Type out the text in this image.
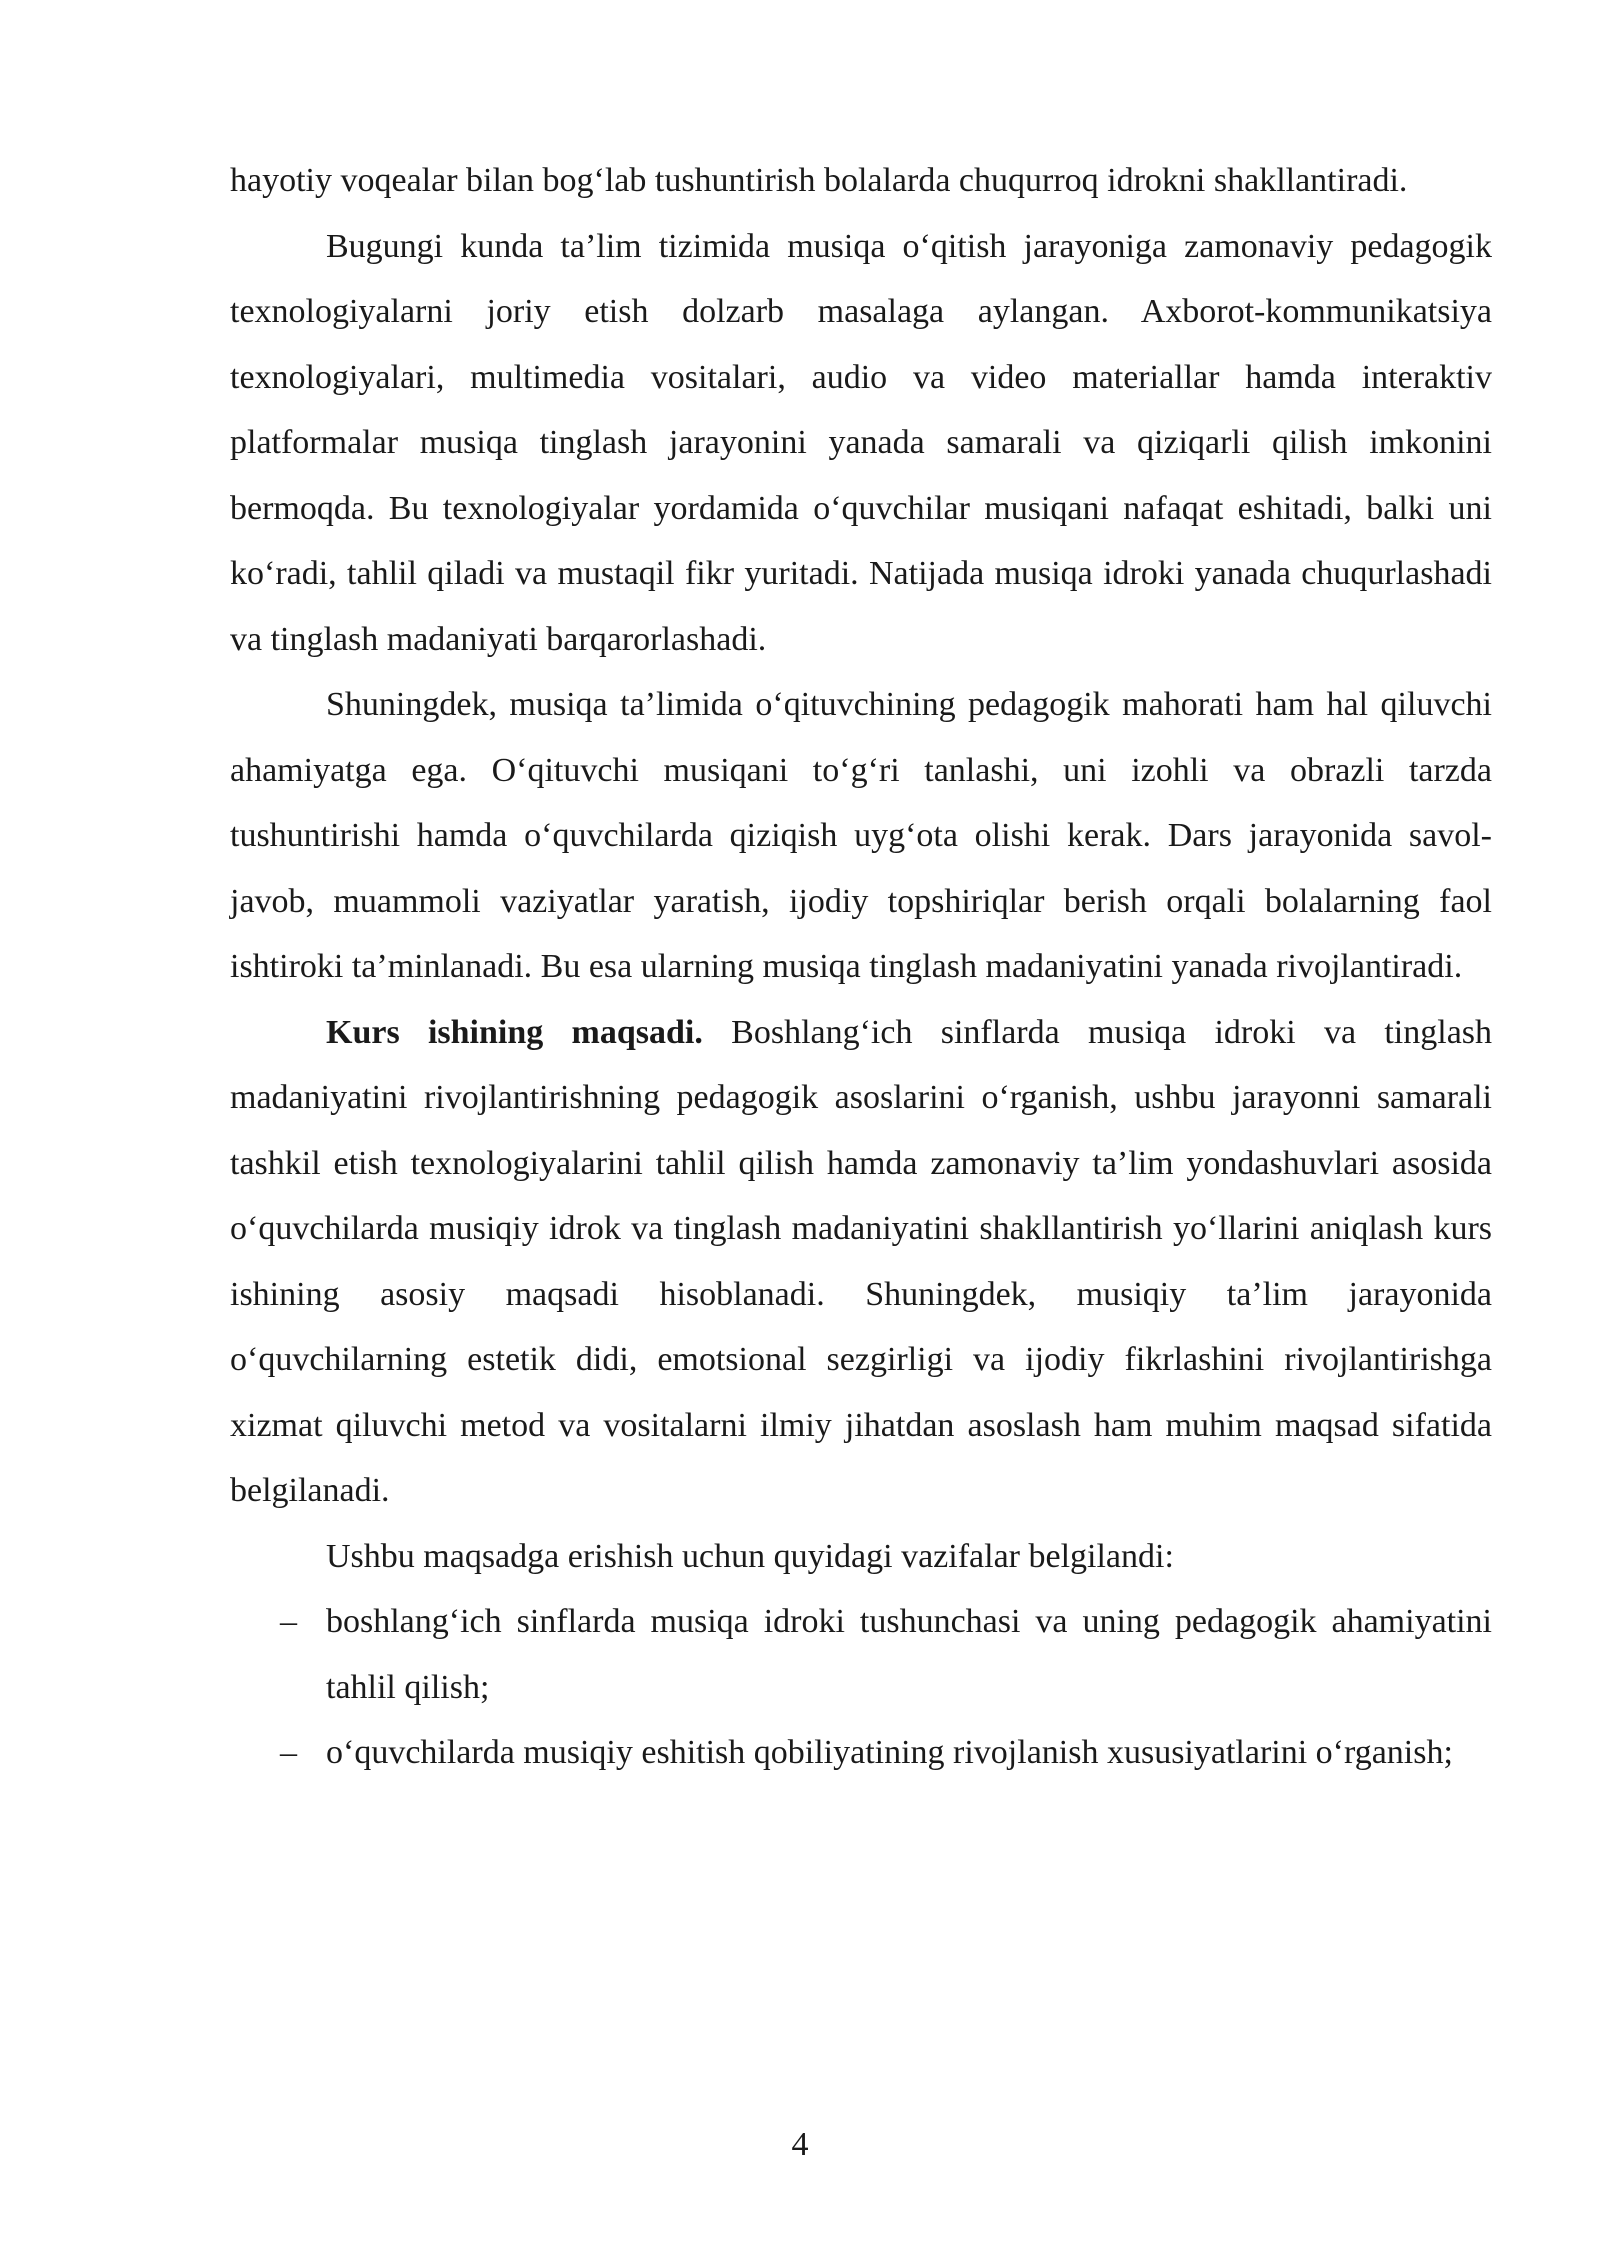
hayotiy voqealar bilan bog‘lab tushuntirish bolalarda chuqurroq idrokni shakllantiradi.

Bugungi kunda ta’lim tizimida musiqa o‘qitish jarayoniga zamonaviy pedagogik texnologiyalarni joriy etish dolzarb masalaga aylangan. Axborot-kommunikatsiya texnologiyalari, multimedia vositalari, audio va video materiallar hamda interaktiv platformalar musiqa tinglash jarayonini yanada samarali va qiziqarli qilish imkonini bermoqda. Bu texnologiyalar yordamida o‘quvchilar musiqani nafaqat eshitadi, balki uni ko‘radi, tahlil qiladi va mustaqil fikr yuritadi. Natijada musiqa idroki yanada chuqurlashadi va tinglash madaniyati barqarorlashadi.

Shuningdek, musiqa ta’limida o‘qituvchining pedagogik mahorati ham hal qiluvchi ahamiyatga ega. O‘qituvchi musiqani to‘g‘ri tanlashi, uni izohli va obrazli tarzda tushuntirishi hamda o‘quvchilarda qiziqish uyg‘ota olishi kerak. Dars jarayonida savol-javob, muammoli vaziyatlar yaratish, ijodiy topshiriqlar berish orqali bolalarning faol ishtiroki ta’minlanadi. Bu esa ularning musiqa tinglash madaniyatini yanada rivojlantiradi.

Kurs ishining maqsadi. Boshlang‘ich sinflarda musiqa idroki va tinglash madaniyatini rivojlantirishning pedagogik asoslarini o‘rganish, ushbu jarayonni samarali tashkil etish texnologiyalarini tahlil qilish hamda zamonaviy ta’lim yondashuvlari asosida o‘quvchilarda musiqiy idrok va tinglash madaniyatini shakllantirish yo‘llarini aniqlash kurs ishining asosiy maqsadi hisoblanadi. Shuningdek, musiqiy ta’lim jarayonida o‘quvchilarning estetik didi, emotsional sezgirligi va ijodiy fikrlashini rivojlantirishga xizmat qiluvchi metod va vositalarni ilmiy jihatdan asoslash ham muhim maqsad sifatida belgilanadi.

Ushbu maqsadga erishish uchun quyidagi vazifalar belgilandi:

– boshlang‘ich sinflarda musiqa idroki tushunchasi va uning pedagogik ahamiyatini tahlil qilish;
– o‘quvchilarda musiqiy eshitish qobiliyatining rivojlanish xususiyatlarini o‘rganish;
4
